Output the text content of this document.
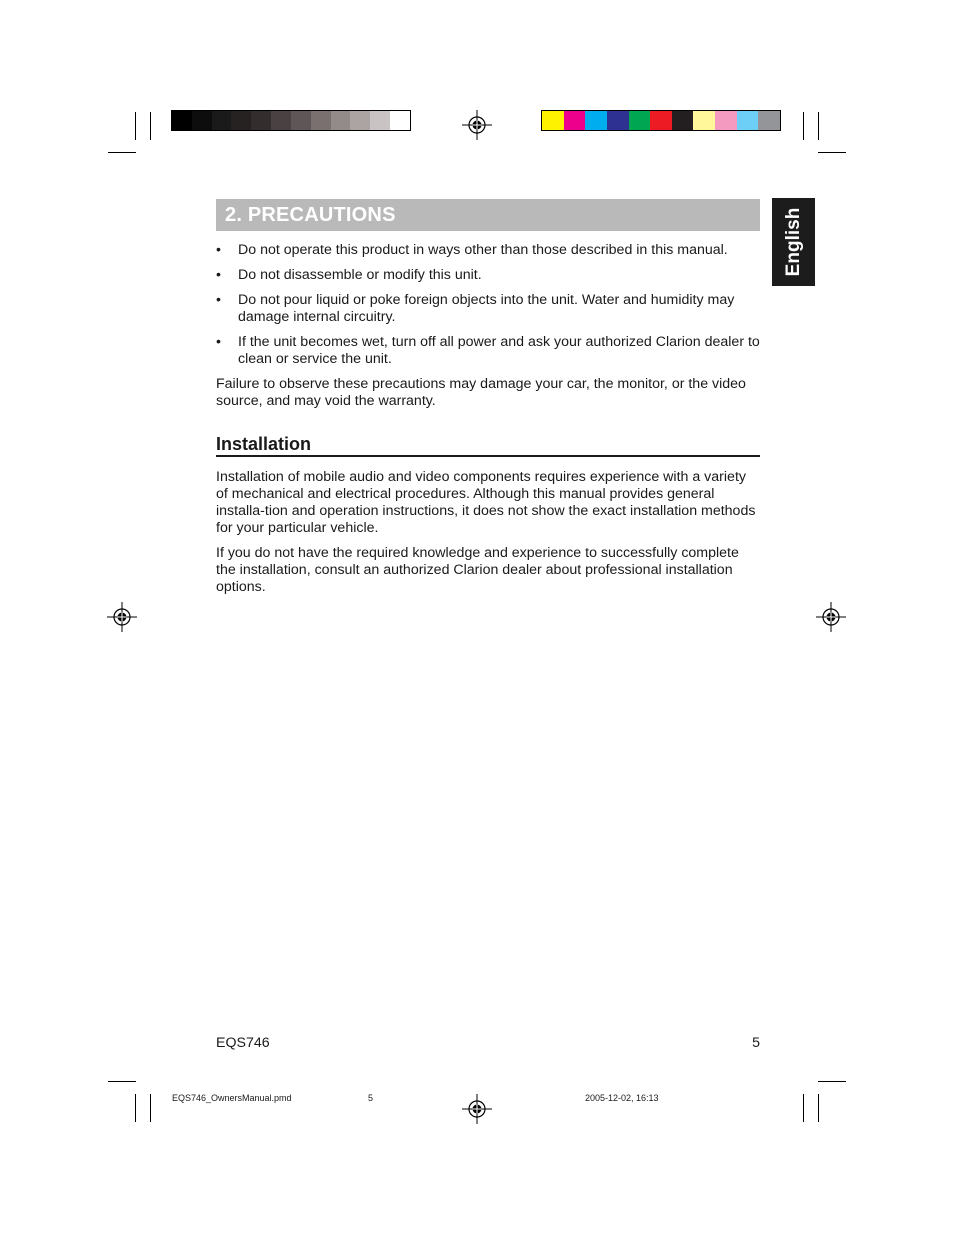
2. PRECAUTIONS	English
• Do not operate this product in ways other than those described in this manual.
• Do not disassemble or modify this unit.
• Do not pour liquid or poke foreign objects into the unit. Water and humidity may damage internal circuitry.
• If the unit becomes wet, turn off all power and ask your authorized Clarion dealer to clean or service the unit.

Failure to observe these precautions may damage your car, the monitor, or the video source, and may void the warranty.

Installation

Installation of mobile audio and video components requires experience with a variety of mechanical and electrical procedures. Although this manual provides general installa-tion and operation instructions, it does not show the exact installation methods for your particular vehicle.

If you do not have the required knowledge and experience to successfully complete the installation, consult an authorized Clarion dealer about professional installation options.

EQS746	5
EQS746_OwnersManual.pmd	5	2005-12-02, 16:13
